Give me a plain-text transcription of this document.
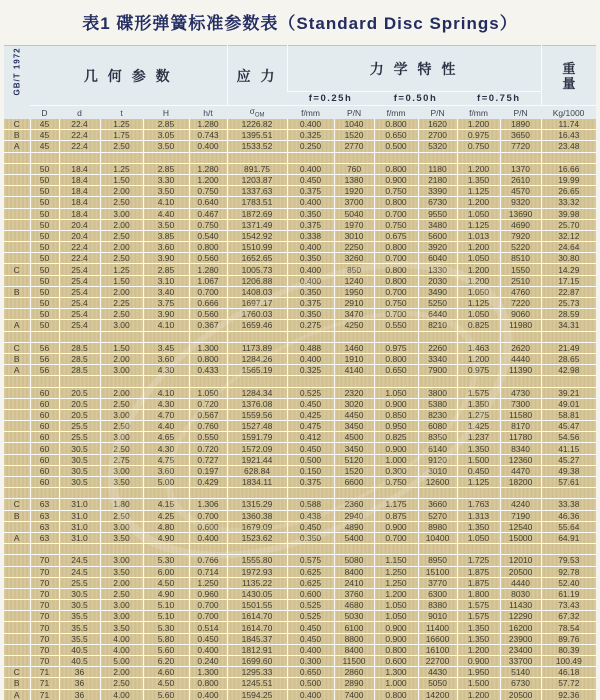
表1 碟形弹簧标准参数表（Standard Disc Springs）
GB/T 1972	几 何 参 数					应 力	力 学 特 性						重
量
							f=0.25h		f=0.50h		f=0.75h		
	D	d	t	H	h/t	$\sigma_{OM}$	f/mm	P/N	f/mm	P/N	f/mm	P/N	Kg/1000
C	45	22.4	1.25	2.85	1.280	1226.82	0.400	1040	0.800	1620	1.200	1890	11.74
B	45	22.4	1.75	3.05	0.743	1395.51	0.325	1520	0.650	2700	0.975	3650	16.43
A	45	22.4	2.50	3.50	0.400	1533.52	0.250	2770	0.500	5320	0.750	7720	23.48

	50	18.4	1.25	2.85	1.280	891.75	0.400	760	0.800	1180	1.200	1370	16.66
	50	18.4	1.50	3.30	1.200	1203.87	0.450	1380	0.900	2180	1.350	2610	19.99
	50	18.4	2.00	3.50	0.750	1337.63	0.375	1920	0.750	3390	1.125	4570	26.65
	50	18.4	2.50	4.10	0.640	1783.51	0.400	3700	0.800	6730	1.200	9320	33.32
	50	18.4	3.00	4.40	0.467	1872.69	0.350	5040	0.700	9550	1.050	13690	39.98
	50	20.4	2.00	3.50	0.750	1371.49	0.375	1970	0.750	3480	1.125	4690	25.70
	50	20.4	2.50	3.85	0.540	1542.92	0.338	3010	0.675	5600	1.013	7920	32.12
	50	22.4	2.00	3.60	0.800	1510.99	0.400	2250	0.800	3920	1.200	5220	24.64
	50	22.4	2.50	3.90	0.560	1652.65	0.350	3260	0.700	6040	1.050	8510	30.80
C	50	25.4	1.25	2.85	1.280	1005.73	0.400	850	0.800	1330	1.200	1550	14.29
	50	25.4	1.50	3.10	1.067	1206.88	0.400	1240	0.800	2030	1.200	2510	17.15
B	50	25.4	2.00	3.40	0.700	1408.03	0.350	1950	0.700	3490	1.050	4760	22.87
	50	25.4	2.25	3.75	0.666	1697.17	0.375	2910	0.750	5250	1.125	7220	25.73
	50	25.4	2.50	3.90	0.560	1760.03	0.350	3470	0.700	6440	1.050	9060	28.59
A	50	25.4	3.00	4.10	0.367	1659.46	0.275	4250	0.550	8210	0.825	11980	34.31

C	56	28.5	1.50	3.45	1.300	1173.89	0.488	1460	0.975	2260	1.463	2620	21.49
B	56	28.5	2.00	3.60	0.800	1284.26	0.400	1910	0.800	3340	1.200	4440	28.65
A	56	28.5	3.00	4.30	0.433	1565.19	0.325	4140	0.650	7900	0.975	11390	42.98

	60	20.5	2.00	4.10	1.050	1284.34	0.525	2320	1.050	3800	1.575	4730	39.21
	60	20.5	2.50	4.30	0.720	1376.08	0.450	3020	0.900	5380	1.350	7300	49.01
	60	20.5	3.00	4.70	0.567	1559.56	0.425	4450	0.850	8230	1.275	11580	58.81
	60	25.5	2.50	4.40	0.760	1527.48	0.475	3450	0.950	6080	1.425	8170	45.47
	60	25.5	3.00	4.65	0.550	1591.79	0.412	4500	0.825	8350	1.237	11780	54.56
	60	30.5	2.50	4.30	0.720	1572.09	0.450	3450	0.900	6140	1.350	8340	41.15
	60	30.5	2.75	4.75	0.727	1921.44	0.500	5120	1.000	9120	1.500	12360	45.27
	60	30.5	3.00	3.60	0.197	628.84	0.150	1520	0.300	3010	0.450	4470	49.38
	60	30.5	3.50	5.00	0.429	1834.11	0.375	6600	0.750	12600	1.125	18200	57.61

C	63	31.0	1.80	4.15	1.306	1315.29	0.588	2360	1.175	3660	1.763	4240	33.38
B	63	31.0	2.50	4.25	0.700	1360.38	0.438	2940	0.875	5270	1.313	7190	46.36
	63	31.0	3.00	4.80	0.600	1679.09	0.450	4890	0.900	8980	1.350	12540	55.64
A	63	31.0	3.50	4.90	0.400	1523.62	0.350	5400	0.700	10400	1.050	15000	64.91

	70	24.5	3.00	5.30	0.766	1555.80	0.575	5080	1.150	8950	1.725	12010	79.53
	70	24.5	3.50	6.00	0.714	1972.93	0.625	8400	1.250	15100	1.875	20500	92.78
	70	25.5	2.00	4.50	1.250	1135.22	0.625	2410	1.250	3770	1.875	4440	52.40
	70	30.5	2.50	4.90	0.960	1430.05	0.600	3760	1.200	6300	1.800	8030	61.19
	70	30.5	3.00	5.10	0.700	1501.55	0.525	4680	1.050	8380	1.575	11430	73.43
	70	35.5	3.00	5.10	0.700	1614.70	0.525	5030	1.050	9010	1.575	12290	67.32
	70	35.5	3.50	5.30	0.514	1614.70	0.450	6100	0.900	11400	1.350	16200	78.54
	70	35.5	4.00	5.80	0.450	1845.37	0.450	8800	0.900	16600	1.350	23900	89.76
	70	40.5	4.00	5.60	0.400	1812.91	0.400	8400	0.800	16100	1.200	23400	80.39
	70	40.5	5.00	6.20	0.240	1699.60	0.300	11500	0.600	22700	0.900	33700	100.49
C	71	36	2.00	4.60	1.300	1295.33	0.650	2860	1.300	4430	1.950	5140	46.18
B	71	36	2.50	4.50	0.800	1245.51	0.500	2890	1.000	5050	1.500	6730	57.72
A	71	36	4.00	5.60	0.400	1594.25	0.400	7400	0.800	14200	1.200	20500	92.36
